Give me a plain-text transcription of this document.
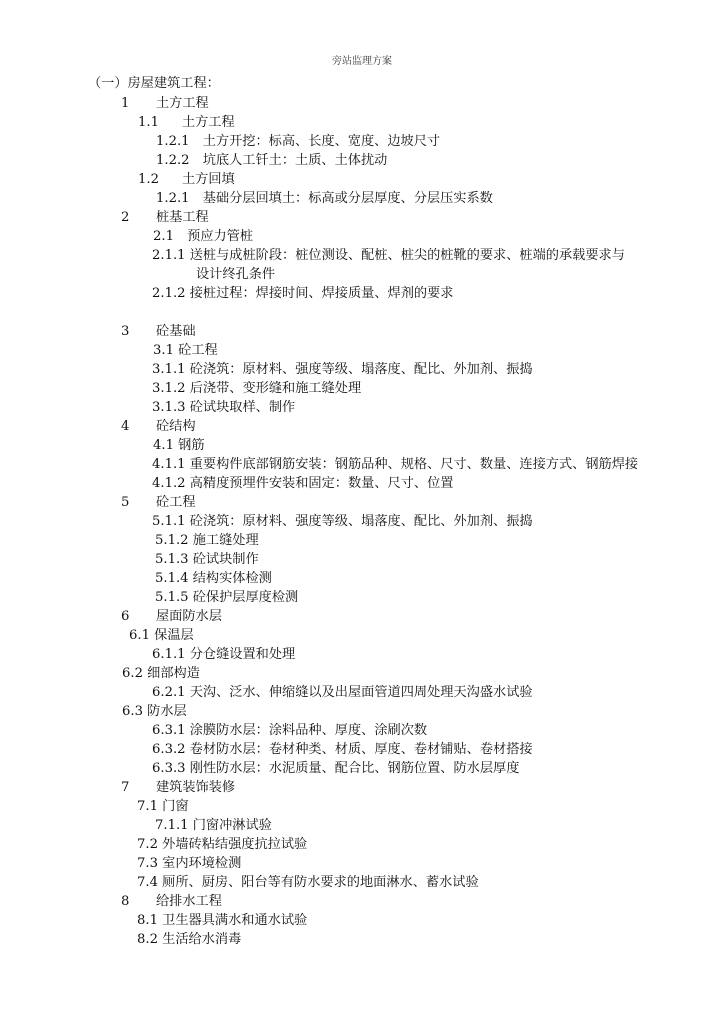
旁站监理方案
（一）房屋建筑工程：
1 土方工程
1.1 土方工程
1.2.1　土方开挖：标高、长度、宽度、边坡尺寸
1.2.2　坑底人工钎土：土质、土体扰动
1.2 土方回填
1.2.1　基础分层回填土：标高或分层厚度、分层压实系数
2 桩基工程
2.1　预应力管桩
2.1.1 送桩与成桩阶段：桩位测设、配桩、桩尖的桩靴的要求、桩端的承载要求与
设计终孔条件
2.1.2 接桩过程：焊接时间、焊接质量、焊剂的要求
3 砼基础
3.1 砼工程
3.1.1 砼浇筑：原材料、强度等级、塌落度、配比、外加剂、振捣
3.1.2 后浇带、变形缝和施工缝处理
3.1.3 砼试块取样、制作
4 砼结构
4.1 钢筋
4.1.1 重要构件底部钢筋安装：钢筋品种、规格、尺寸、数量、连接方式、钢筋焊接
4.1.2 高精度预埋件安装和固定：数量、尺寸、位置
5 砼工程
5.1.1 砼浇筑：原材料、强度等级、塌落度、配比、外加剂、振捣
5.1.2 施工缝处理
5.1.3 砼试块制作
5.1.4 结构实体检测
5.1.5 砼保护层厚度检测
6 屋面防水层
6.1 保温层
6.1.1 分仓缝设置和处理
6.2 细部构造
6.2.1 天沟、泛水、伸缩缝以及出屋面管道四周处理天沟盛水试验
6.3 防水层
6.3.1 涂膜防水层：涂料品种、厚度、涂刷次数
6.3.2 卷材防水层：卷材种类、材质、厚度、卷材铺贴、卷材搭接
6.3.3 刚性防水层：水泥质量、配合比、钢筋位置、防水层厚度
7 建筑装饰装修
7.1 门窗
7.1.1 门窗冲淋试验
7.2 外墙砖粘结强度抗拉试验
7.3 室内环境检测
7.4 厕所、厨房、阳台等有防水要求的地面淋水、蓄水试验
8 给排水工程
8.1 卫生器具满水和通水试验
8.2 生活给水消毒
